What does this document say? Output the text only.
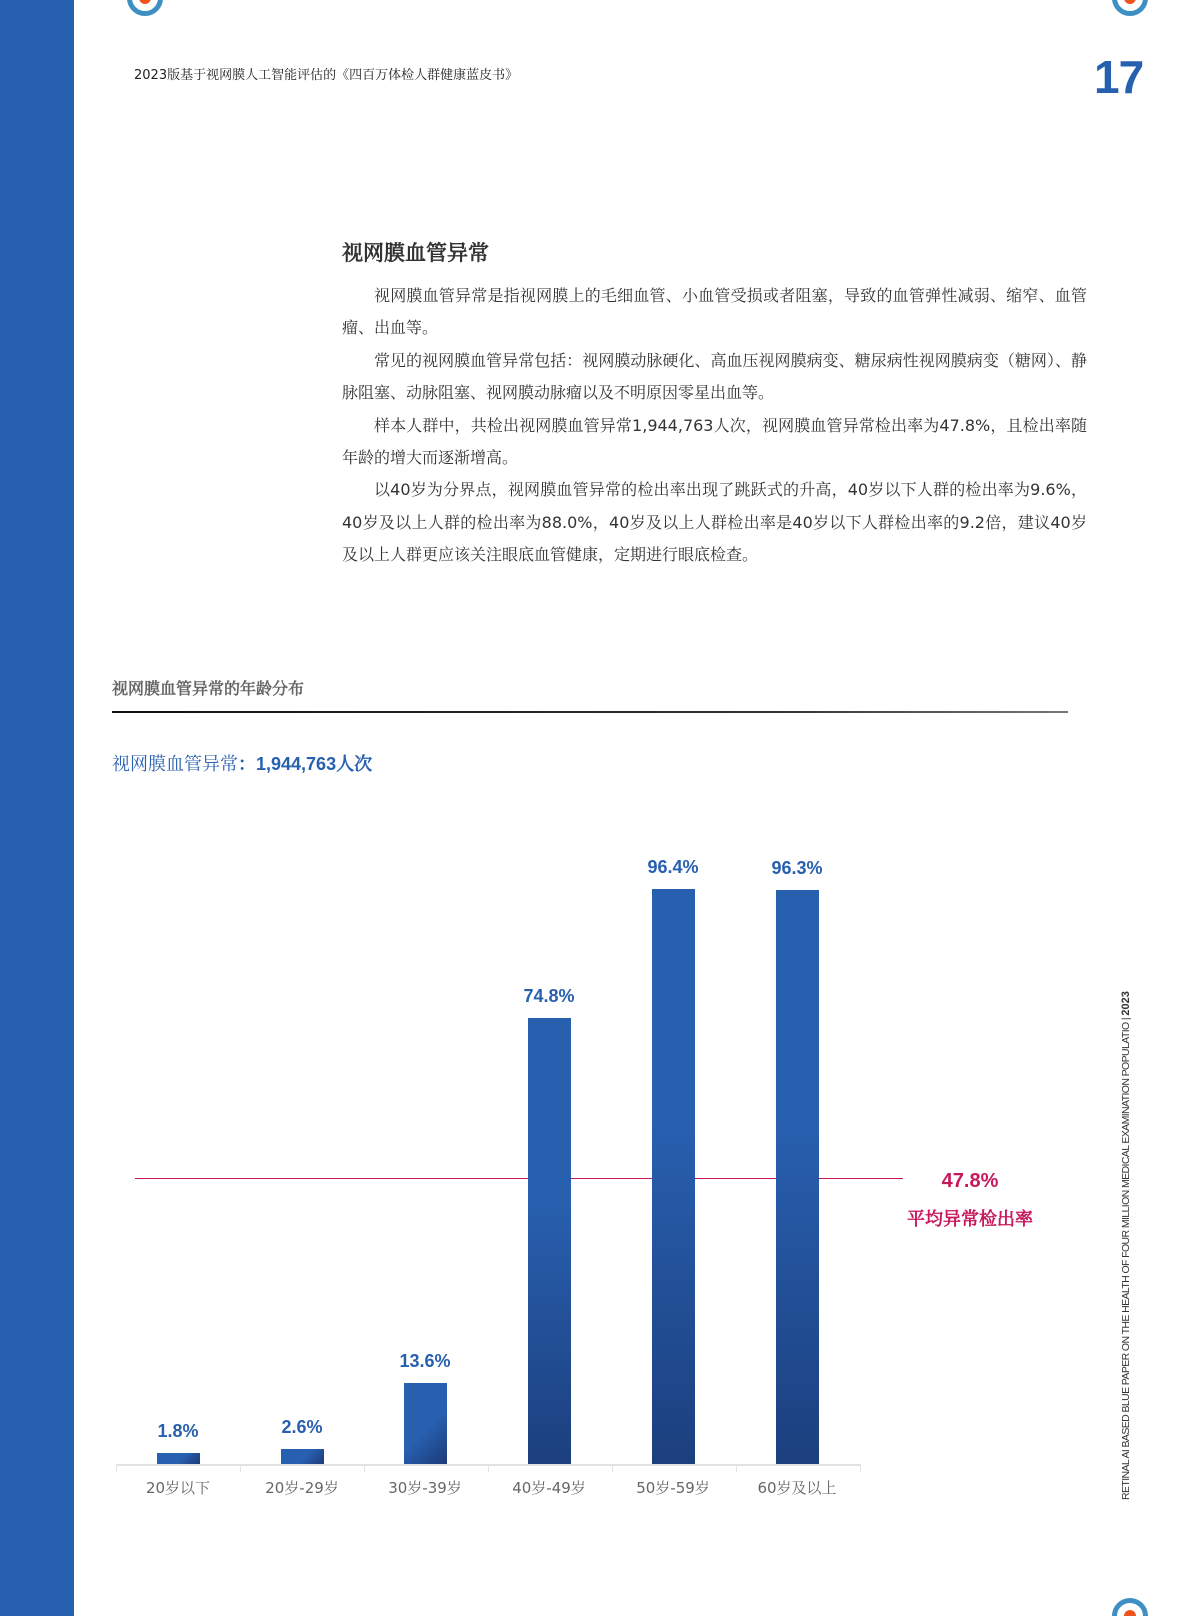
2023版基于视网膜人工智能评估的《四百万体检人群健康蓝皮书》	17
视网膜血管异常

视网膜血管异常是指视网膜上的毛细血管、小血管受损或者阻塞，导致的血管弹性减弱、缩窄、血管瘤、出血等。

常见的视网膜血管异常包括：视网膜动脉硬化、高血压视网膜病变、糖尿病性视网膜病变（糖网）、静脉阻塞、动脉阻塞、视网膜动脉瘤以及不明原因零星出血等。

样本人群中，共检出视网膜血管异常1,944,763人次，视网膜血管异常检出率为47.8%，且检出率随年龄的增大而逐渐增高。

以40岁为分界点，视网膜血管异常的检出率出现了跳跃式的升高，40岁以下人群的检出率为9.6%，40岁及以上人群的检出率为88.0%，40岁及以上人群检出率是40岁以下人群检出率的9.2倍，建议40岁及以上人群更应该关注眼底血管健康，定期进行眼底检查。

视网膜血管异常的年龄分布
视网膜血管异常：1,944,763人次
47.8%
平均异常检出率
1.8%
20岁以下
2.6%
20岁-29岁
13.6%
30岁-39岁
74.8%
40岁-49岁
96.4%
50岁-59岁
96.3%
60岁及以上	RETINAL AI BASED BLUE PAPER ON THE HEALTH OF FOUR MILLION MEDICAL EXAMINATION POPULATIO | 2023
